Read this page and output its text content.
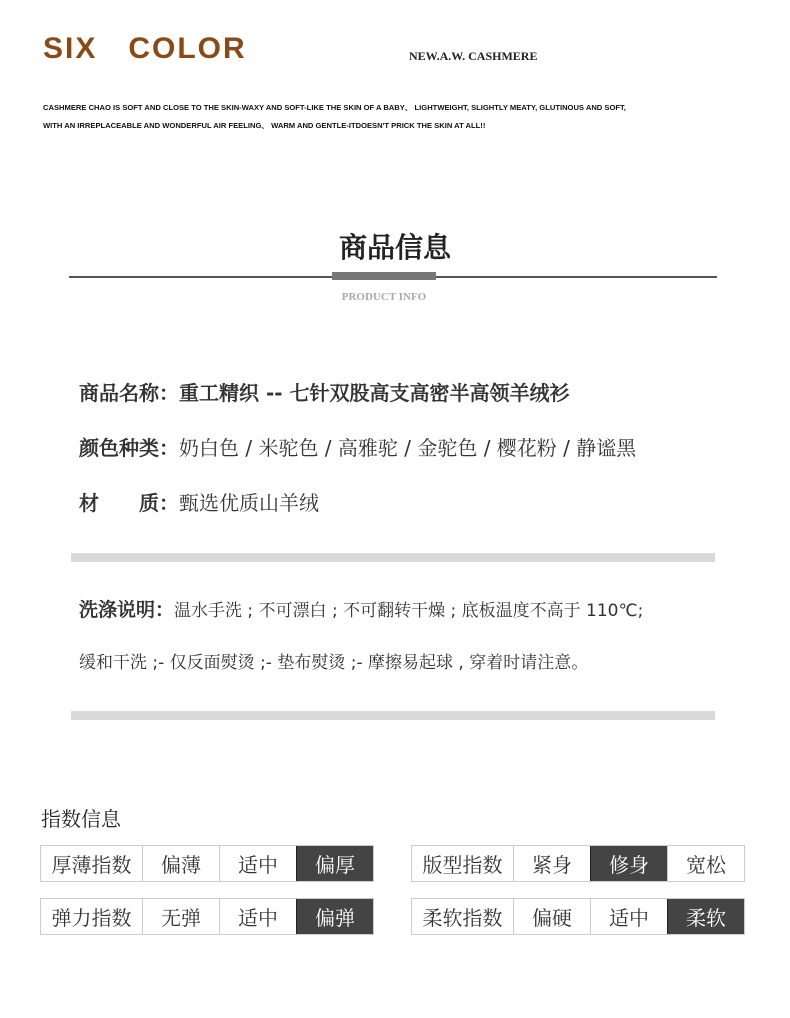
SIX   COLOR	NEW.A.W. CASHMERE
CASHMERE CHAO IS SOFT AND CLOSE TO THE SKIN-WAXY AND SOFT-LIKE THE SKIN OF A BABY、 LIGHTWEIGHT, SLIGHTLY MEATY, GLUTINOUS AND SOFT,
WITH AN IRREPLACEABLE AND WONDERFUL AIR FEELING、 WARM AND GENTLE-ITDOESN'T PRICK THE SKIN AT ALL!!
商品信息
PRODUCT INFO
商品名称：重工精织 -- 七针双股高支高密半高领羊绒衫
颜色种类：奶白色 / 米驼色 / 高雅驼 / 金驼色 / 樱花粉 / 静谧黑
材　　质：甄选优质山羊绒
洗涤说明：温水手洗 ; 不可漂白 ; 不可翻转干燥 ; 底板温度不高于 110℃;
缓和干洗 ;- 仅反面熨烫 ;- 垫布熨烫 ;- 摩擦易起球 , 穿着时请注意。
指数信息
厚薄指数	偏薄	适中	偏厚	版型指数	紧身	修身	宽松
弹力指数	无弹	适中	偏弹	柔软指数	偏硬	适中	柔软
